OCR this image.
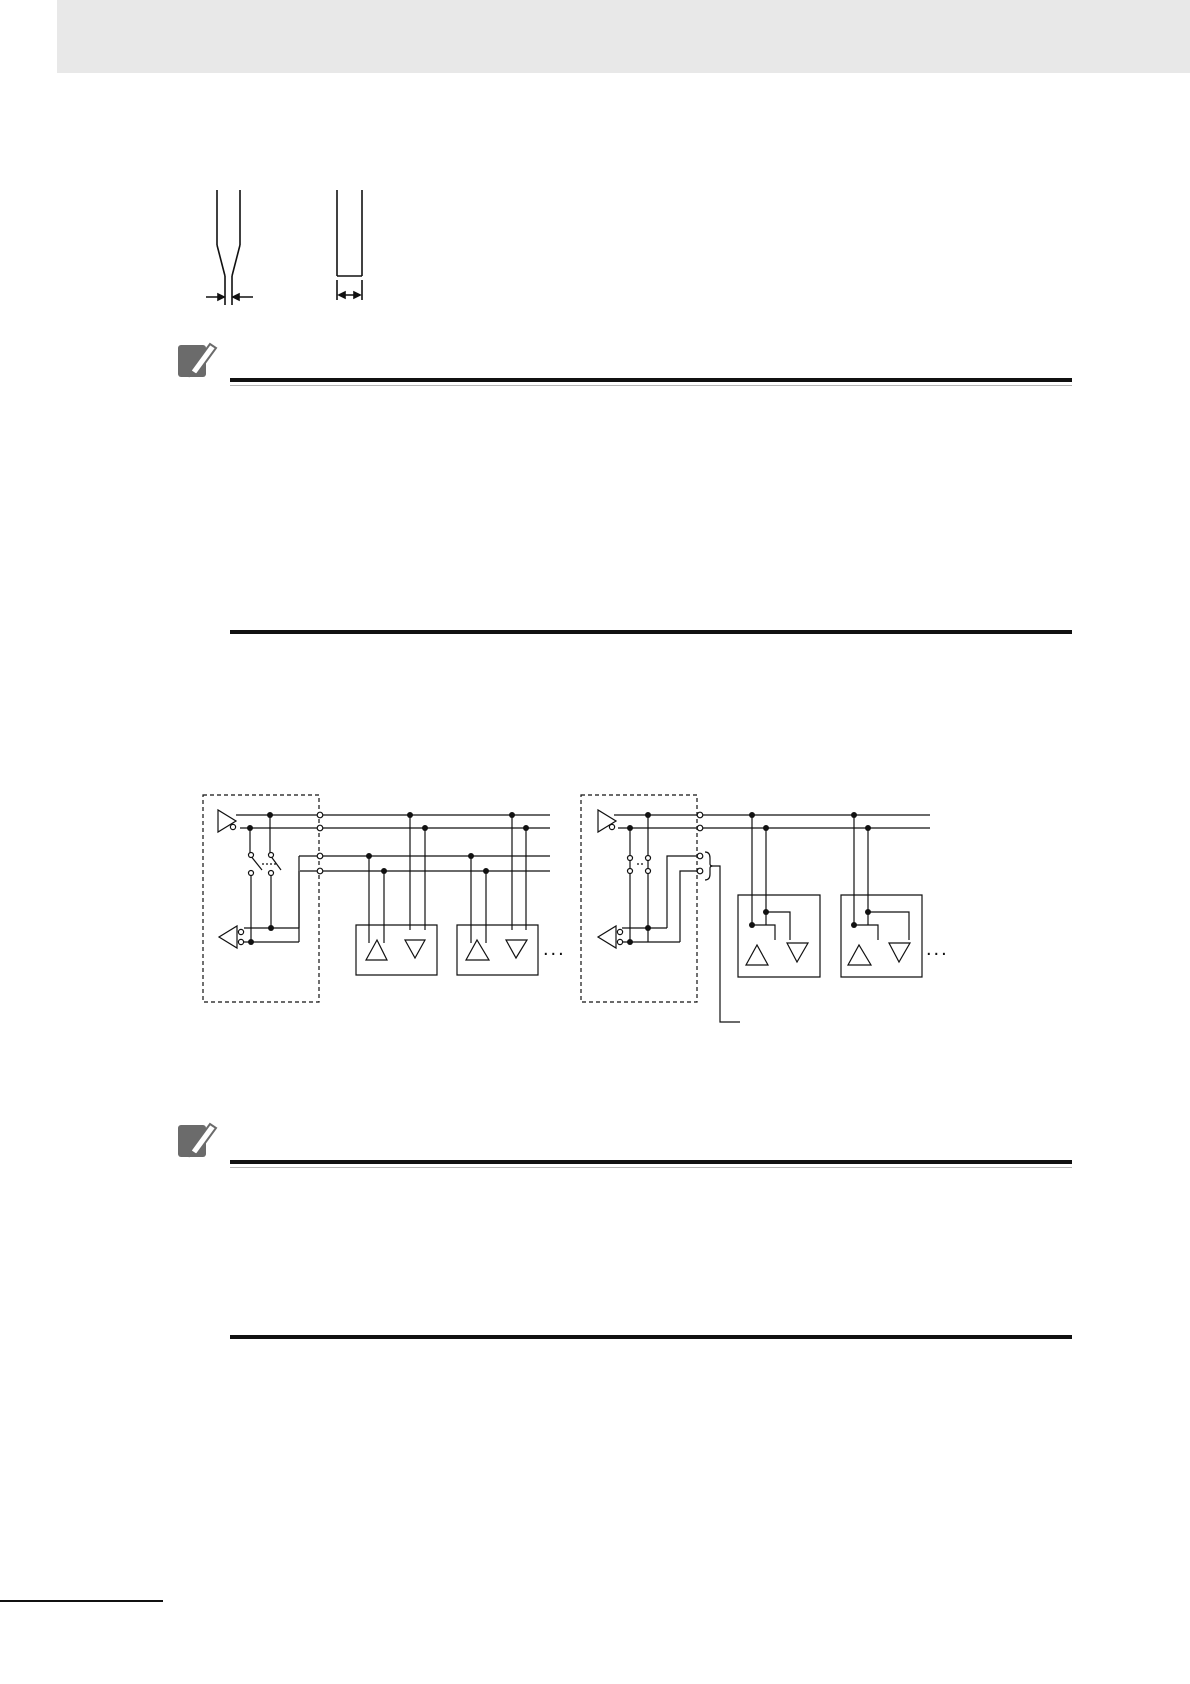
...	...
